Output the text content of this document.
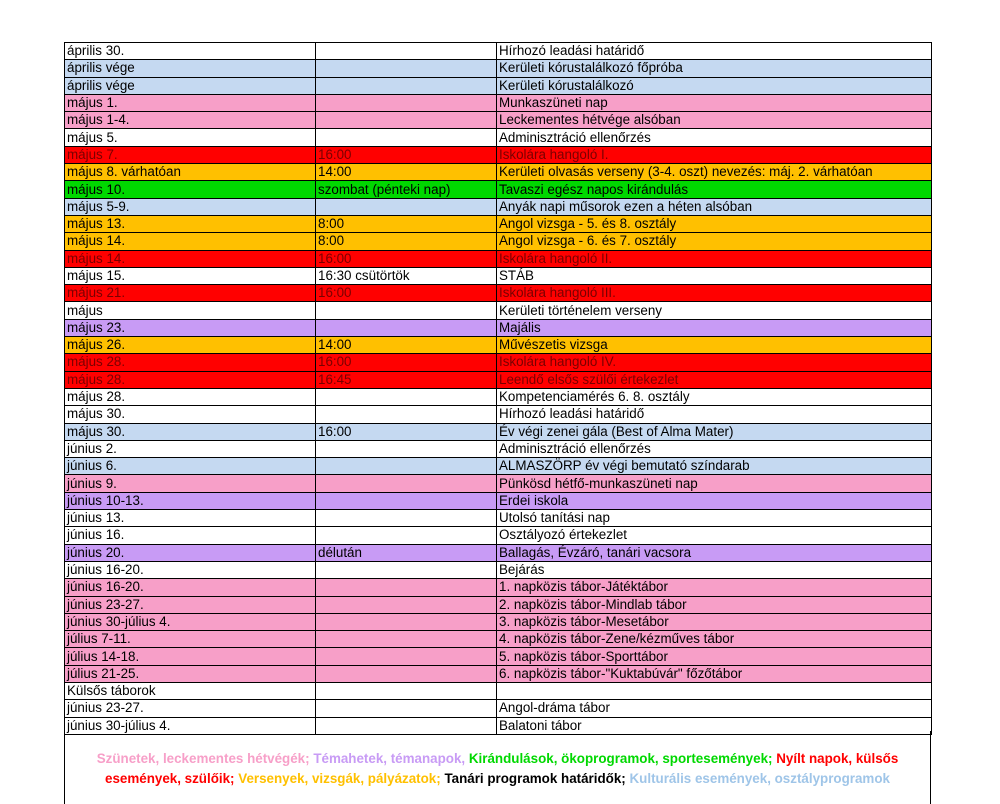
április 30.		Hírhozó leadási határidő
április vége		Kerületi kórustalálkozó főpróba
április vége		Kerületi kórustalálkozó
május 1.		Munkaszüneti nap
május 1-4.		Leckementes hétvége alsóban
május 5.		Adminisztráció ellenőrzés
május 7.	16:00	Iskolára hangoló I.
május 8. várhatóan	14:00	Kerületi olvasás verseny (3-4. oszt) nevezés: máj. 2. várhatóan
május 10.	szombat (pénteki nap)	Tavaszi egész napos kirándulás
május 5-9.		Anyák napi műsorok ezen a héten alsóban
május 13.	8:00	Angol vizsga - 5. és 8. osztály
május 14.	8:00	Angol vizsga - 6. és 7. osztály
május 14.	16:00	Iskolára hangoló II.
május 15.	16:30 csütörtök	STÁB
május 21.	16:00	Iskolára hangoló III.
május		Kerületi történelem verseny
május 23.		Majális
május 26.	14:00	Művészetis vizsga
május 28.	16:00	Iskolára hangoló IV.
május 28.	16:45	Leendő elsős szülői értekezlet
május 28.		Kompetenciamérés 6. 8. osztály
május 30.		Hírhozó leadási határidő
május 30.	16:00	Év végi zenei gála (Best of Alma Mater)
június 2.		Adminisztráció ellenőrzés
június 6.		ALMASZÖRP év végi bemutató színdarab
június 9.		Pünkösd hétfő-munkaszüneti nap
június 10-13.		Erdei iskola
június 13.		Utolsó tanítási nap
június 16.		Osztályozó értekezlet
június 20.	délután	Ballagás, Évzáró, tanári vacsora
június 16-20.		Bejárás
június 16-20.		1. napközis tábor-Játéktábor
június 23-27.		2. napközis tábor-Mindlab tábor
június 30-július 4.		3. napközis tábor-Mesetábor
július 7-11.		4. napközis tábor-Zene/kézműves tábor
július 14-18.		5. napközis tábor-Sporttábor
július 21-25.		6. napközis tábor-"Kuktabúvár" főzőtábor
Külsős táborok		
június 23-27.		Angol-dráma tábor
június 30-július 4.		Balatoni tábor
Szünetek, leckementes hétvégék; Témahetek, témanapok, Kirándulások, ökoprogramok, sportesemények; Nyílt napok, külsős események, szülőik; Versenyek, vizsgák, pályázatok; Tanári programok határidők; Kulturális események, osztályprogramok
